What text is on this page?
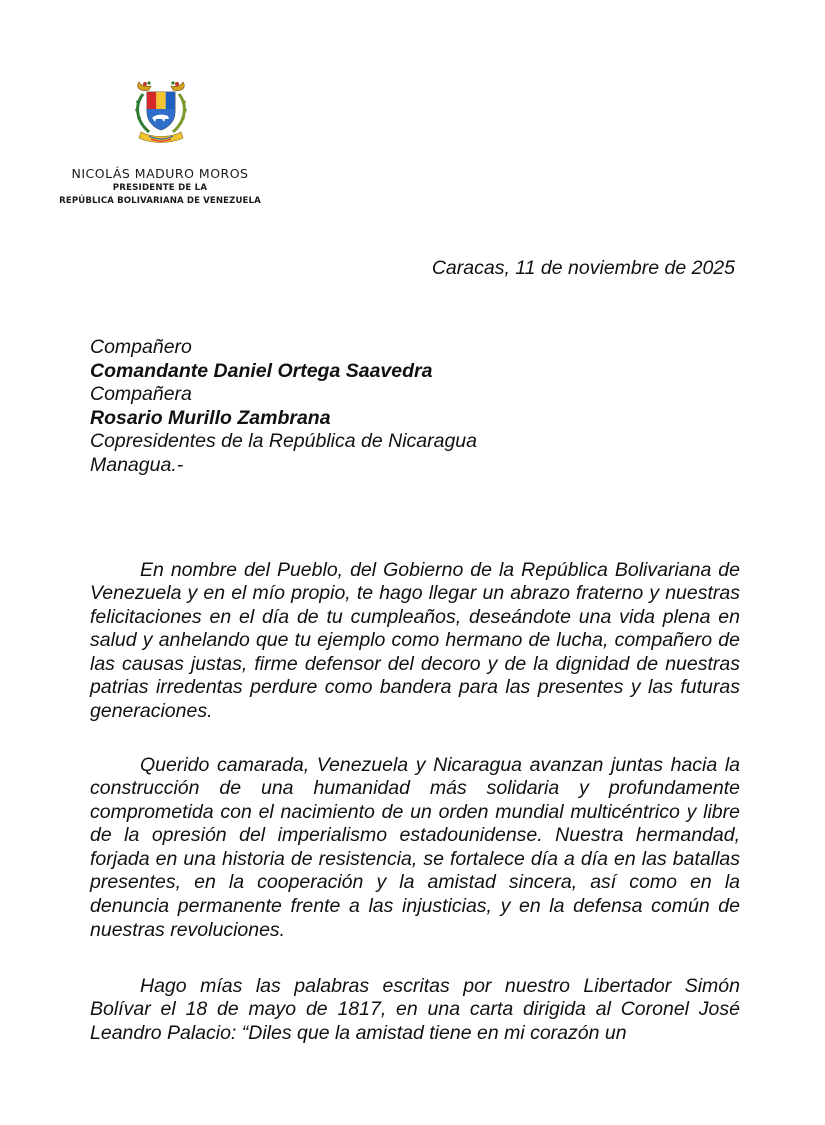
NICOLÁS MADURO MOROS
PRESIDENTE DE LA
REPÚBLICA BOLIVARIANA DE VENEZUELA
Caracas, 11 de noviembre de 2025
Compañero
Comandante Daniel Ortega Saavedra
Compañera
Rosario Murillo Zambrana
Copresidentes de la República de Nicaragua
Managua.-

En nombre del Pueblo, del Gobierno de la República Bolivariana de Venezuela y en el mío propio, te hago llegar un abrazo fraterno y nuestras felicitaciones en el día de tu cumpleaños, deseándote una vida plena en salud y anhelando que tu ejemplo como hermano de lucha, compañero de las causas justas, firme defensor del decoro y de la dignidad de nuestras patrias irredentas perdure como bandera para las presentes y las futuras generaciones.

Querido camarada, Venezuela y Nicaragua avanzan juntas hacia la construcción de una humanidad más solidaria y profundamente comprometida con el nacimiento de un orden mundial multicéntrico y libre de la opresión del imperialismo estadounidense. Nuestra hermandad, forjada en una historia de resistencia, se fortalece día a día en las batallas presentes, en la cooperación y la amistad sincera, así como en la denuncia permanente frente a las injusticias, y en la defensa común de nuestras revoluciones.

Hago mías las palabras escritas por nuestro Libertador Simón Bolívar el 18 de mayo de 1817, en una carta dirigida al Coronel José Leandro Palacio: “Diles que la amistad tiene en mi corazón un
